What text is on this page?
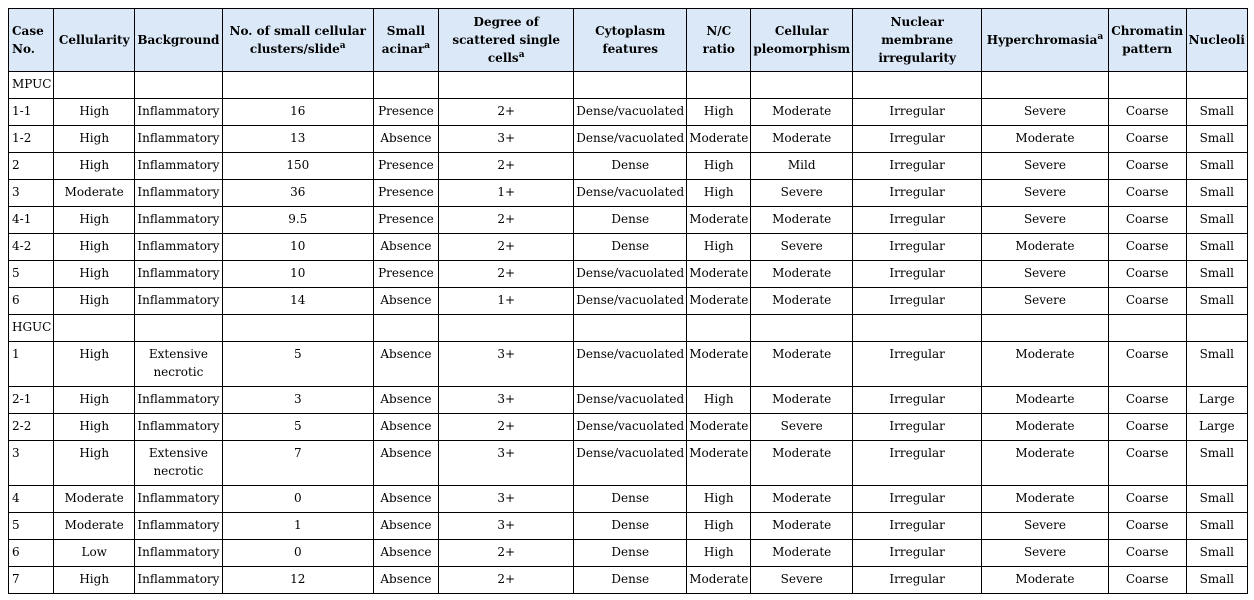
Case No.	Cellularity	Background	No. of small cellular clusters/slide$^a$	Small acinar$^a$	Degree of scattered single cells$^a$	Cytoplasm features	N/C ratio	Cellular pleomorphism	Nuclear membrane irregularity	Hyperchromasia$^a$	Chromatin pattern	Nucleoli
MPUC												
1-1	High	Inflammatory	16	Presence	2+	Dense/vacuolated	High	Moderate	Irregular	Severe	Coarse	Small
1-2	High	Inflammatory	13	Absence	3+	Dense/vacuolated	Moderate	Moderate	Irregular	Moderate	Coarse	Small
2	High	Inflammatory	150	Presence	2+	Dense	High	Mild	Irregular	Severe	Coarse	Small
3	Moderate	Inflammatory	36	Presence	1+	Dense/vacuolated	High	Severe	Irregular	Severe	Coarse	Small
4-1	High	Inflammatory	9.5	Presence	2+	Dense	Moderate	Moderate	Irregular	Severe	Coarse	Small
4-2	High	Inflammatory	10	Absence	2+	Dense	High	Severe	Irregular	Moderate	Coarse	Small
5	High	Inflammatory	10	Presence	2+	Dense/vacuolated	Moderate	Moderate	Irregular	Severe	Coarse	Small
6	High	Inflammatory	14	Absence	1+	Dense/vacuolated	Moderate	Moderate	Irregular	Severe	Coarse	Small
HGUC												
1	High	Extensive necrotic	5	Absence	3+	Dense/vacuolated	Moderate	Moderate	Irregular	Moderate	Coarse	Small
2-1	High	Inflammatory	3	Absence	3+	Dense/vacuolated	High	Moderate	Irregular	Modearte	Coarse	Large
2-2	High	Inflammatory	5	Absence	2+	Dense/vacuolated	Moderate	Severe	Irregular	Moderate	Coarse	Large
3	High	Extensive necrotic	7	Absence	3+	Dense/vacuolated	Moderate	Moderate	Irregular	Moderate	Coarse	Small
4	Moderate	Inflammatory	0	Absence	3+	Dense	High	Moderate	Irregular	Moderate	Coarse	Small
5	Moderate	Inflammatory	1	Absence	3+	Dense	High	Moderate	Irregular	Severe	Coarse	Small
6	Low	Inflammatory	0	Absence	2+	Dense	High	Moderate	Irregular	Severe	Coarse	Small
7	High	Inflammatory	12	Absence	2+	Dense	Moderate	Severe	Irregular	Moderate	Coarse	Small
